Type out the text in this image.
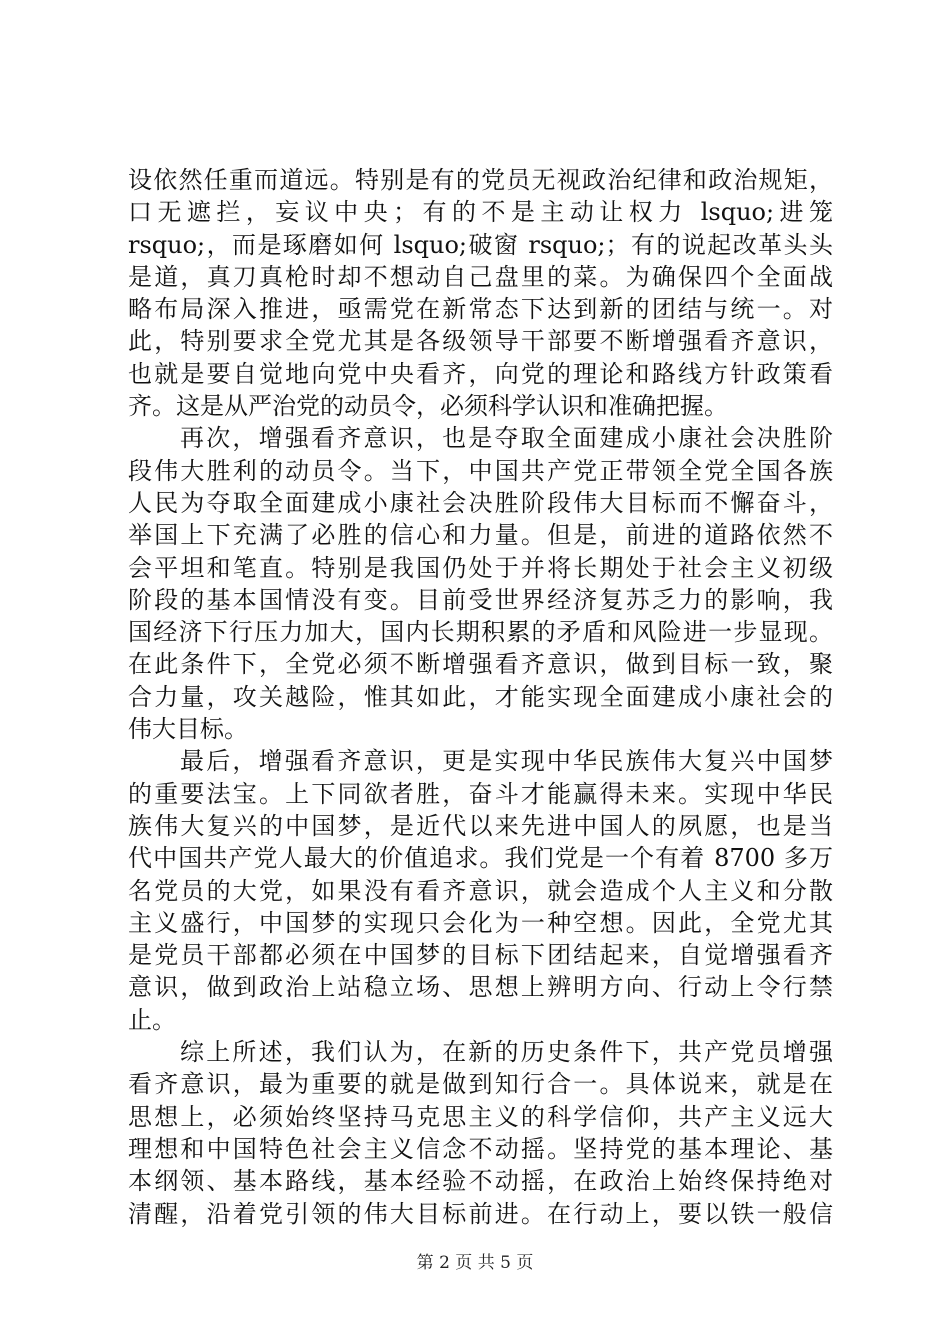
设依然任重而道远。特别是有的党员无视政治纪律和政治规矩，
口无遮拦，妄议中央；有的不是主动让权力 lsquo;进笼
rsquo;，而是琢磨如何 lsquo;破窗 rsquo;；有的说起改革头头
是道，真刀真枪时却不想动自己盘里的菜。为确保四个全面战
略布局深入推进，亟需党在新常态下达到新的团结与统一。对
此，特别要求全党尤其是各级领导干部要不断增强看齐意识，
也就是要自觉地向党中央看齐，向党的理论和路线方针政策看
齐。这是从严治党的动员令，必须科学认识和准确把握。
再次，增强看齐意识，也是夺取全面建成小康社会决胜阶
段伟大胜利的动员令。当下，中国共产党正带领全党全国各族
人民为夺取全面建成小康社会决胜阶段伟大目标而不懈奋斗，
举国上下充满了必胜的信心和力量。但是，前进的道路依然不
会平坦和笔直。特别是我国仍处于并将长期处于社会主义初级
阶段的基本国情没有变。目前受世界经济复苏乏力的影响，我
国经济下行压力加大，国内长期积累的矛盾和风险进一步显现。
在此条件下，全党必须不断增强看齐意识，做到目标一致，聚
合力量，攻关越险，惟其如此，才能实现全面建成小康社会的
伟大目标。
最后，增强看齐意识，更是实现中华民族伟大复兴中国梦
的重要法宝。上下同欲者胜，奋斗才能赢得未来。实现中华民
族伟大复兴的中国梦，是近代以来先进中国人的夙愿，也是当
代中国共产党人最大的价值追求。我们党是一个有着 8700 多万
名党员的大党，如果没有看齐意识，就会造成个人主义和分散
主义盛行，中国梦的实现只会化为一种空想。因此，全党尤其
是党员干部都必须在中国梦的目标下团结起来，自觉增强看齐
意识，做到政治上站稳立场、思想上辨明方向、行动上令行禁
止。
综上所述，我们认为，在新的历史条件下，共产党员增强
看齐意识，最为重要的就是做到知行合一。具体说来，就是在
思想上，必须始终坚持马克思主义的科学信仰，共产主义远大
理想和中国特色社会主义信念不动摇。坚持党的基本理论、基
本纲领、基本路线，基本经验不动摇，在政治上始终保持绝对
清醒，沿着党引领的伟大目标前进。在行动上，要以铁一般信
第 2 页 共 5 页
